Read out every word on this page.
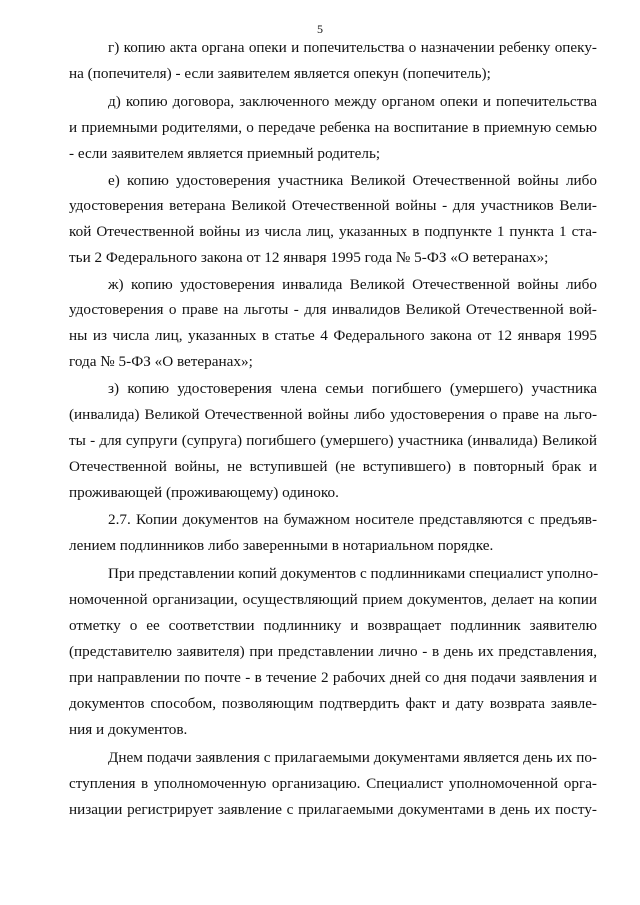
5
г) копию акта органа опеки и попечительства о назначении ребенку опеку-
на (попечителя) - если заявителем является опекун (попечитель);
д) копию договора, заключенного между органом опеки и попечительства
и приемными родителями, о передаче ребенка на воспитание в приемную семью
- если заявителем является приемный родитель;
е) копию удостоверения участника Великой Отечественной войны либо
удостоверения ветерана Великой Отечественной войны - для участников Вели-
кой Отечественной войны из числа лиц, указанных в подпункте 1 пункта 1 ста-
тьи 2 Федерального закона от 12 января 1995 года № 5-ФЗ «О ветеранах»;
ж) копию удостоверения инвалида Великой Отечественной войны либо
удостоверения о праве на льготы - для инвалидов Великой Отечественной вой-
ны из числа лиц, указанных в статье 4 Федерального закона от 12 января 1995
года № 5-ФЗ «О ветеранах»;
з) копию удостоверения члена семьи погибшего (умершего) участника
(инвалида) Великой Отечественной войны либо удостоверения о праве на льго-
ты - для супруги (супруга) погибшего (умершего) участника (инвалида) Великой
Отечественной войны, не вступившей (не вступившего) в повторный брак и
проживающей (проживающему) одиноко.
2.7. Копии документов на бумажном носителе представляются с предъяв-
лением подлинников либо заверенными в нотариальном порядке.
При представлении копий документов с подлинниками специалист уполно-
номоченной организации, осуществляющий прием документов, делает на копии
отметку о ее соответствии подлиннику и возвращает подлинник заявителю
(представителю заявителя) при представлении лично - в день их представления,
при направлении по почте - в течение 2 рабочих дней со дня подачи заявления и
документов способом, позволяющим подтвердить факт и дату возврата заявле-
ния и документов.
Днем подачи заявления с прилагаемыми документами является день их по-
ступления в уполномоченную организацию. Специалист уполномоченной орга-
низации регистрирует заявление с прилагаемыми документами в день их посту-
